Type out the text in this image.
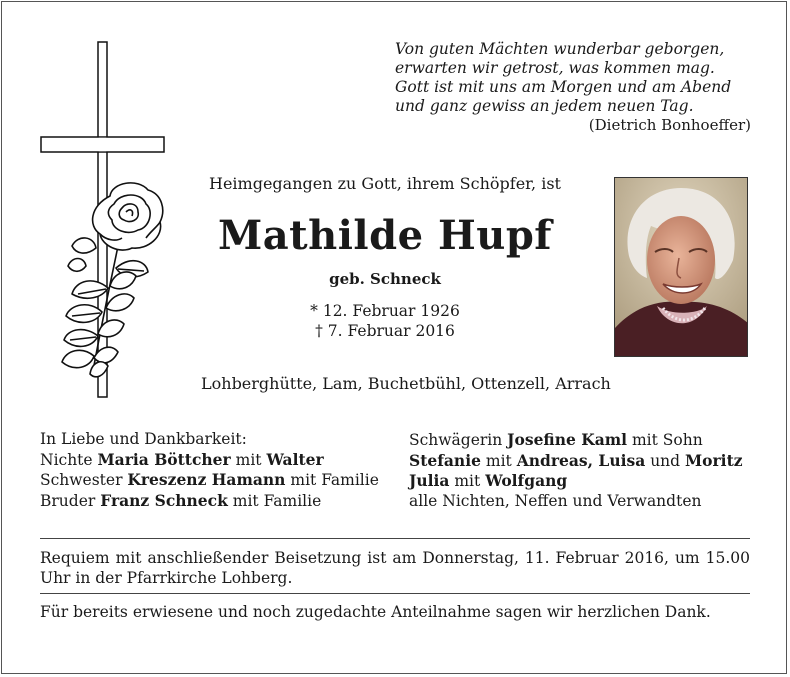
Von guten Mächten wunderbar geborgen,
erwarten wir getrost, was kommen mag.
Gott ist mit uns am Morgen und am Abend
und ganz gewiss an jedem neuen Tag.
(Dietrich Bonhoeffer)
Heimgegangen zu Gott, ihrem Schöpfer, ist
Mathilde Hupf
geb. Schneck
* 12. Februar 1926
† 7. Februar 2016
Lohberghütte, Lam, Buchetbühl, Ottenzell, Arrach
In Liebe und Dankbarkeit:
Nichte Maria Böttcher mit Walter
Schwester Kreszenz Hamann mit Familie
Bruder Franz Schneck mit Familie
Schwägerin Josefine Kaml mit Sohn
Stefanie mit Andreas, Luisa und Moritz
Julia mit Wolfgang
alle Nichten, Neffen und Verwandten
Requiem mit anschließender Beisetzung ist am Donnerstag, 11. Februar 2016, um 15.00 Uhr in der Pfarrkirche Lohberg.
Für bereits erwiesene und noch zugedachte Anteilnahme sagen wir herzlichen Dank.
